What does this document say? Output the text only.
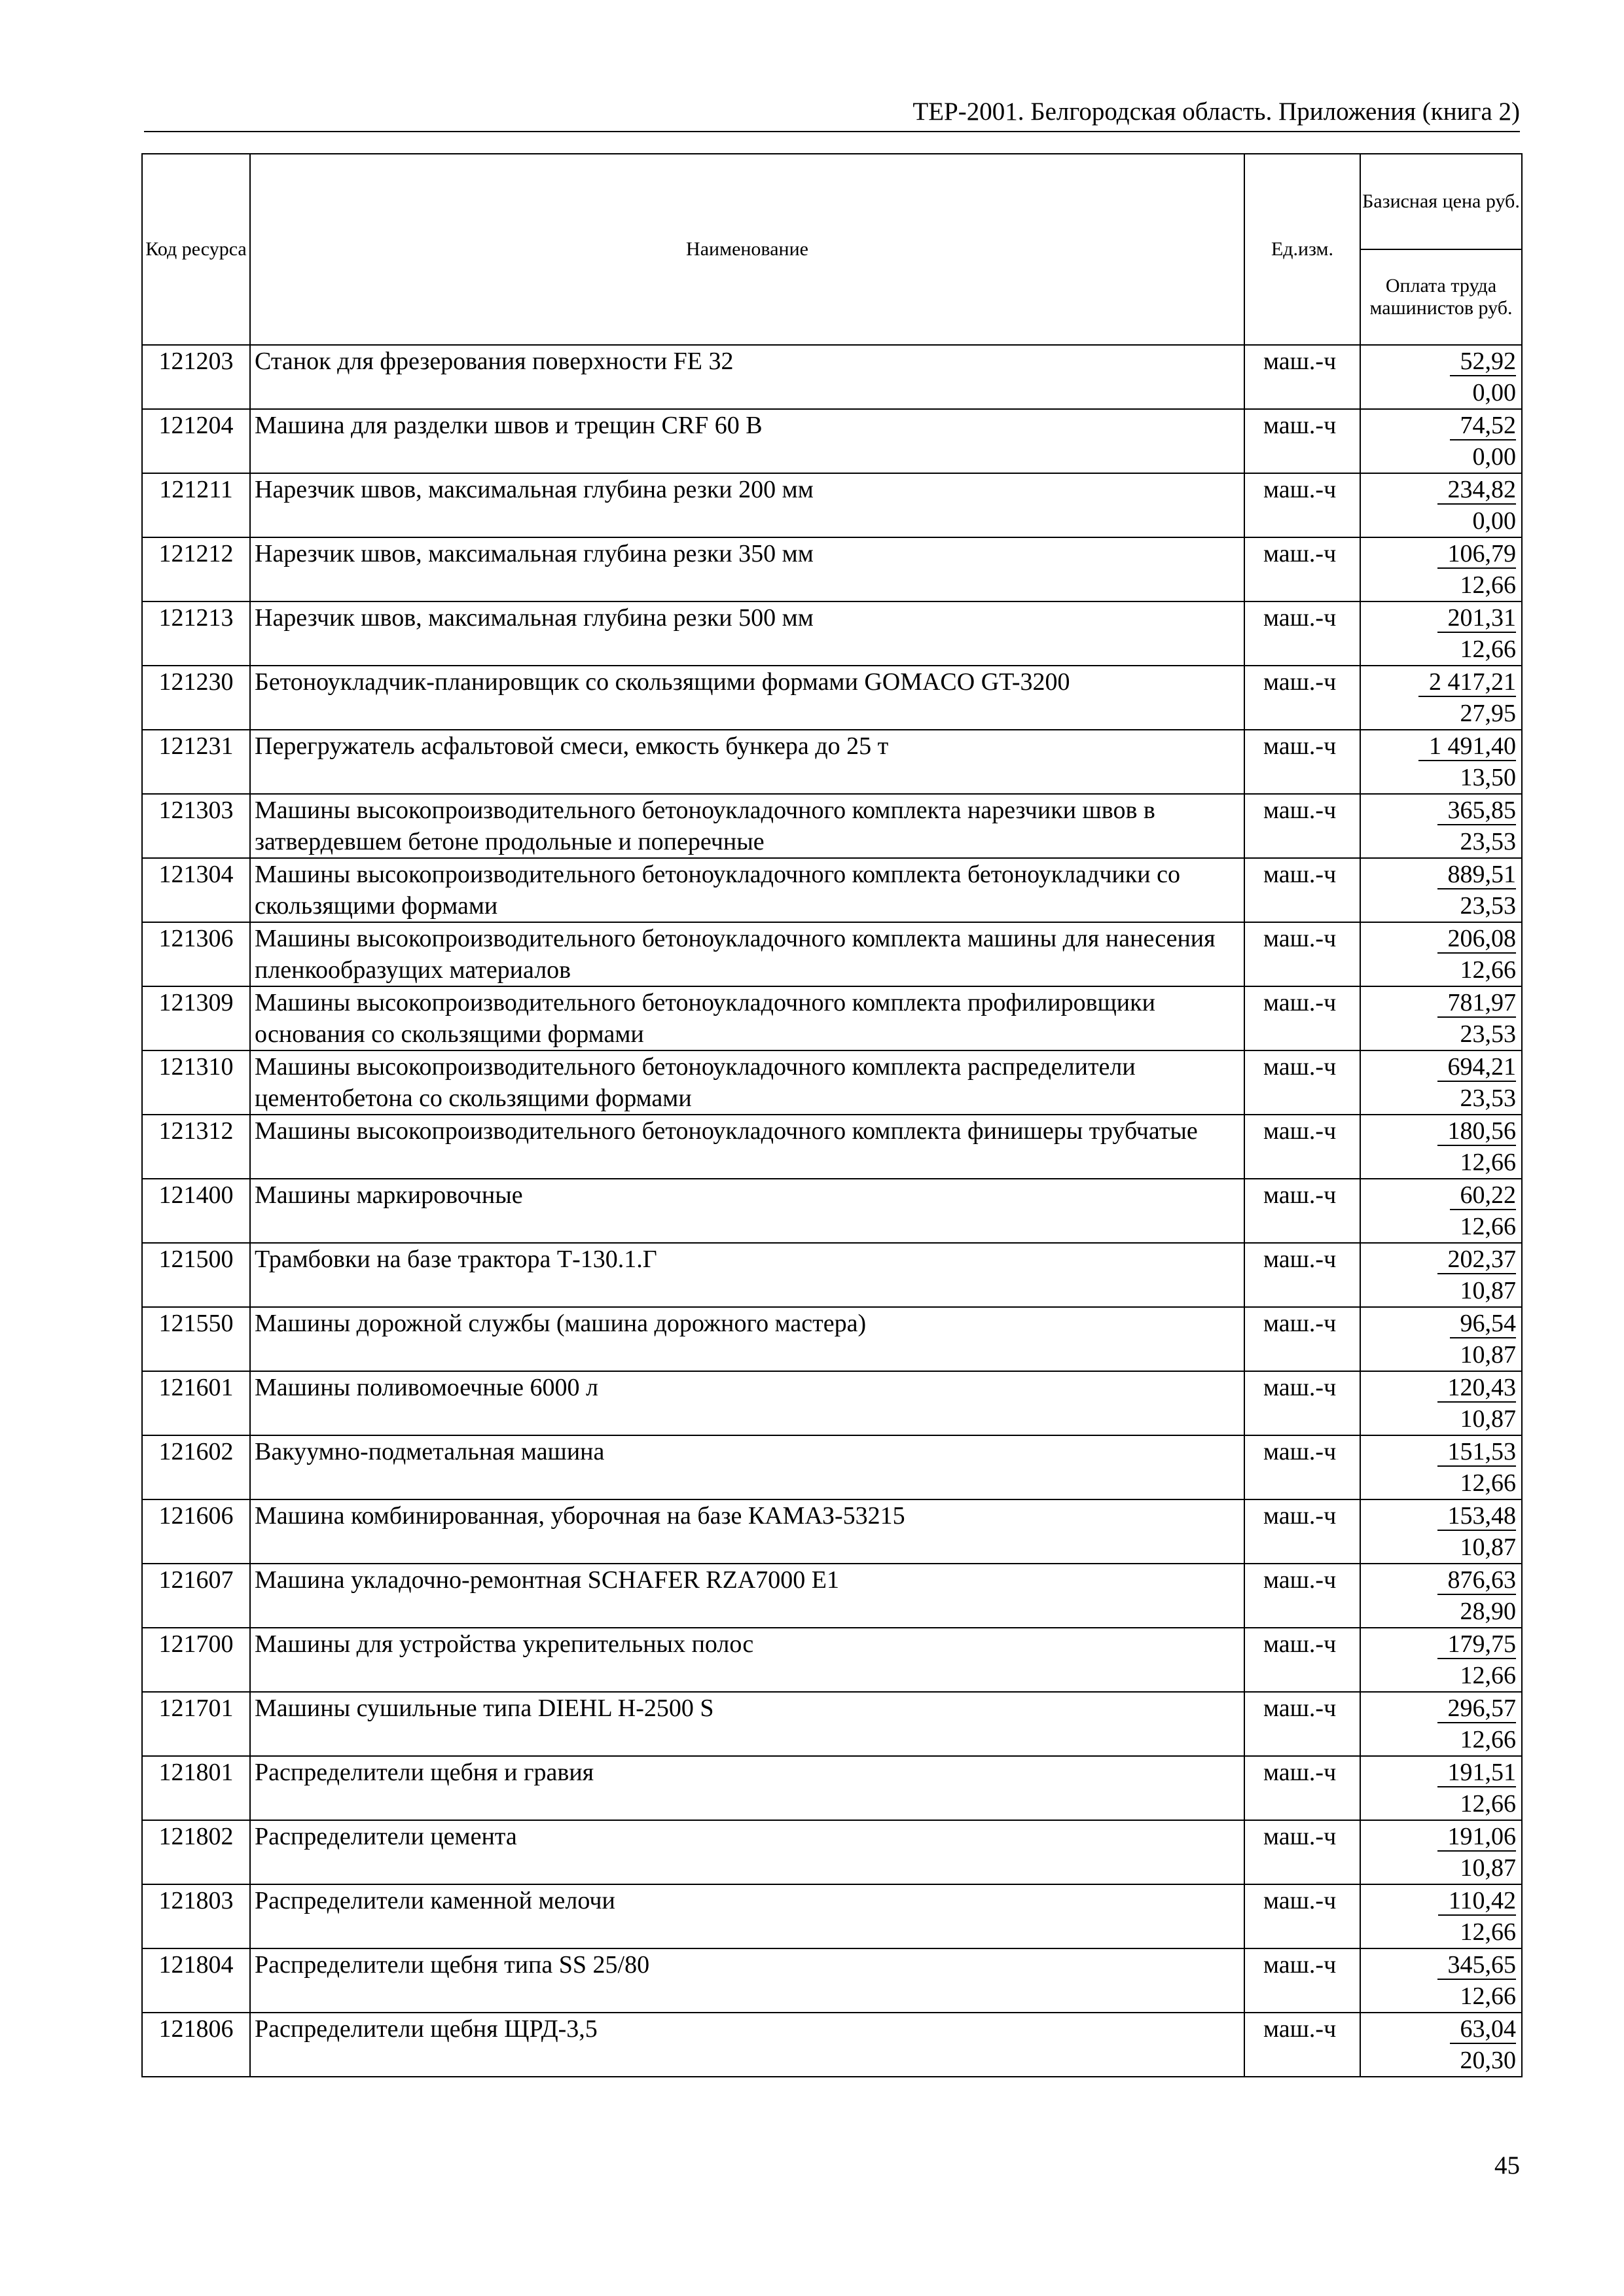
ТЕР-2001. Белгородская область. Приложения (книга 2)
Код ресурса	Наименование	Ед.изм.	Базисная цена руб.
			Оплата труда машинистов руб.
121203	Станок для фрезерования поверхности FE 32	маш.-ч	52,92
0,00

121204	Машина для разделки швов и трещин CRF 60 B	маш.-ч	74,52
0,00

121211	Нарезчик швов, максимальная глубина резки 200 мм	маш.-ч	234,82
0,00

121212	Нарезчик швов, максимальная глубина резки 350 мм	маш.-ч	106,79
12,66

121213	Нарезчик швов, максимальная глубина резки 500 мм	маш.-ч	201,31
12,66

121230	Бетоноукладчик-планировщик со скользящими формами GOMACO GT-3200	маш.-ч	2 417,21
27,95

121231	Перегружатель асфальтовой смеси, емкость бункера до 25 т	маш.-ч	1 491,40
13,50

121303	Машины высокопроизводительного бетоноукладочного комплекта нарезчики швов в затвердевшем бетоне продольные и поперечные	маш.-ч	365,85
23,53

121304	Машины высокопроизводительного бетоноукладочного комплекта бетоноукладчики со скользящими формами	маш.-ч	889,51
23,53

121306	Машины высокопроизводительного бетоноукладочного комплекта машины для нанесения пленкообразущих материалов	маш.-ч	206,08
12,66

121309	Машины высокопроизводительного бетоноукладочного комплекта профилировщики основания со скользящими формами	маш.-ч	781,97
23,53

121310	Машины высокопроизводительного бетоноукладочного комплекта распределители цементобетона со скользящими формами	маш.-ч	694,21
23,53

121312	Машины высокопроизводительного бетоноукладочного комплекта финишеры трубчатые	маш.-ч	180,56
12,66

121400	Машины маркировочные	маш.-ч	60,22
12,66

121500	Трамбовки на базе трактора Т-130.1.Г	маш.-ч	202,37
10,87

121550	Машины дорожной службы (машина дорожного мастера)	маш.-ч	96,54
10,87

121601	Машины поливомоечные 6000 л	маш.-ч	120,43
10,87

121602	Вакуумно-подметальная машина	маш.-ч	151,53
12,66

121606	Машина комбинированная, уборочная на базе КАМАЗ-53215	маш.-ч	153,48
10,87

121607	Машина укладочно-ремонтная SCHAFER RZA7000 E1	маш.-ч	876,63
28,90

121700	Машины для устройства укрепительных полос	маш.-ч	179,75
12,66

121701	Машины сушильные типа DIEHL H-2500 S	маш.-ч	296,57
12,66

121801	Распределители щебня и гравия	маш.-ч	191,51
12,66

121802	Распределители цемента	маш.-ч	191,06
10,87

121803	Распределители каменной мелочи	маш.-ч	110,42
12,66

121804	Распределители щебня типа SS 25/80	маш.-ч	345,65
12,66

121806	Распределители щебня ЩРД-3,5	маш.-ч	63,04
20,30
45
